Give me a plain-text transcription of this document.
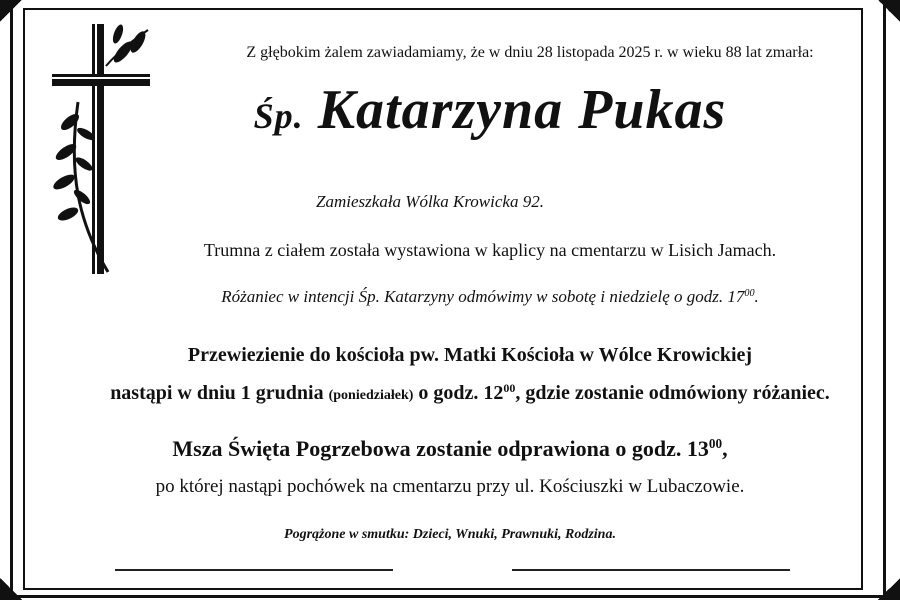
Z głębokim żalem zawiadamiamy, że w dniu 28 listopada 2025 r. w wieku 88 lat zmarła:
Śp. Katarzyna Pukas
Zamieszkała Wólka Krowicka 92.
Trumna z ciałem została wystawiona w kaplicy na cmentarzu w Lisich Jamach.
Różaniec w intencji Śp. Katarzyny odmówimy w sobotę i niedzielę o godz. $17^{00}$.
Przewiezienie do kościoła pw. Matki Kościoła w Wólce Krowickiej
nastąpi w dniu 1 grudnia (poniedziałek) o godz. $12^{00}$, gdzie zostanie odmówiony różaniec.
Msza Święta Pogrzebowa zostanie odprawiona o godz. $13^{00}$,
po której nastąpi pochówek na cmentarzu przy ul. Kościuszki w Lubaczowie.
Pogrążone w smutku: Dzieci, Wnuki, Prawnuki, Rodzina.
